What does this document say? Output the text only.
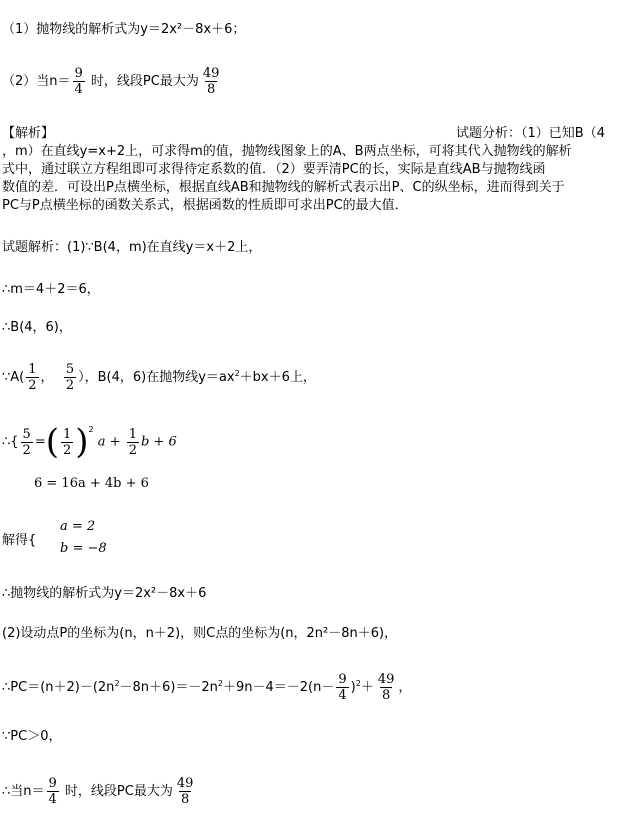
（1）抛物线的解析式为y＝2x²－8x＋6；
（2）当$n= \frac{9}{4}$ 时，线段PC最大为 $\frac{49}{8}$
【解析】	试题分析：（1）已知B（4
，m）在直线y=x+2上，可求得m的值，抛物线图象上的A、B两点坐标，可将其代入抛物线的解析
式中，通过联立方程组即可求得待定系数的值．（2）要弄清PC的长，实际是直线AB与抛物线函
数值的差．可设出P点横坐标，根据直线AB和抛物线的解析式表示出P、C的纵坐标，进而得到关于
PC与P点横坐标的函数关系式，根据函数的性质即可求出PC的最大值．
试题解析：(1)∵B(4，m)在直线y＝x＋2上，
∴m＝4＋2＝6，
∴B(4，6)，
∵A( $\frac{1}{2}$ ， $\frac{5}{2}$ ），B(4，6)在抛物线$y=ax^2+bx+6$上，
∴{ $\frac{5}{2}$ =( $\frac{1}{2} )^2$ $a + \frac{1}{2}$ b + 6
6 = 16a + 4b + 6
解得{
a = 2
b = −8
∴抛物线的解析式为y＝2x²－8x＋6
(2)设动点P的坐标为(n，n＋2)，则C点的坐标为(n，2n²－8n＋6)，
$\therefore PC=(n+2)-(2n^2-8n+6)=-2n^2+9n-4=-2(n- \frac{9}{4} )^2+ \frac{49}{8}$ ，
∵PC＞0，
∴当$n= \frac{9}{4}$ 时，线段PC最大为 $\frac{49}{8}$
